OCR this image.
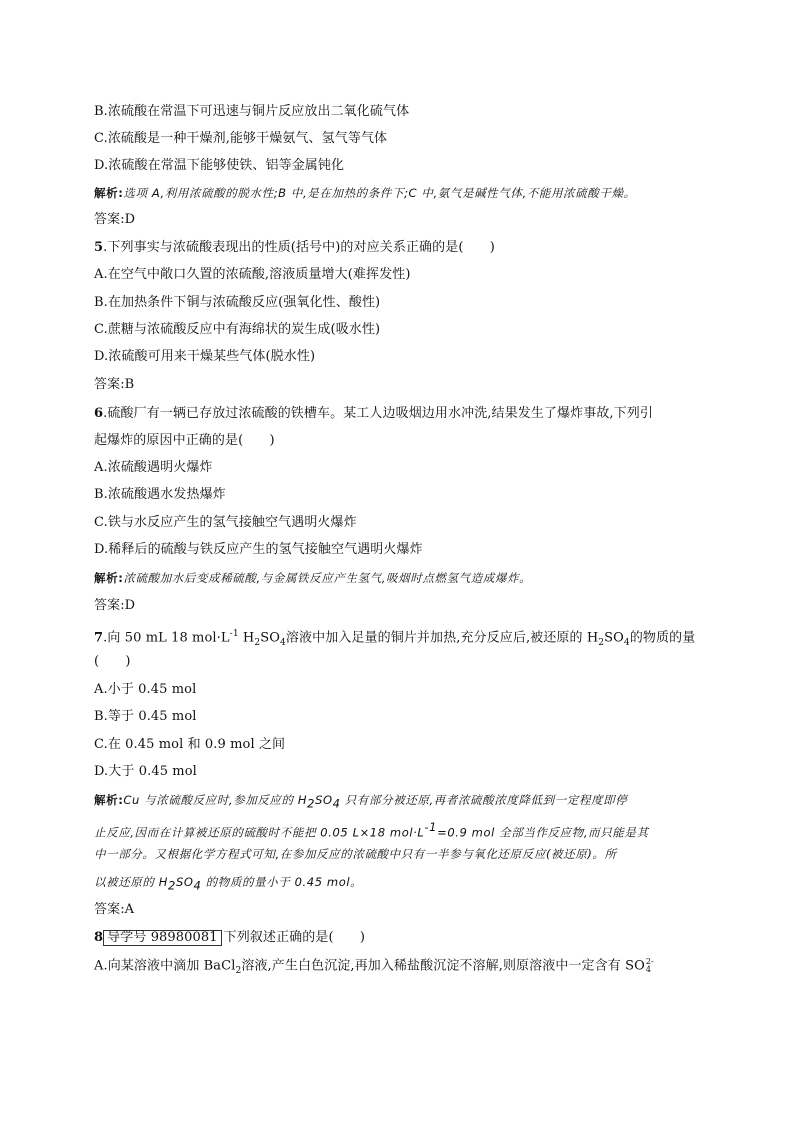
B.浓硫酸在常温下可迅速与铜片反应放出二氧化硫气体
C.浓硫酸是一种干燥剂,能够干燥氨气、氢气等气体
D.浓硫酸在常温下能够使铁、铝等金属钝化
解析:选项 A,利用浓硫酸的脱水性;B 中,是在加热的条件下;C 中,氨气是碱性气体,不能用浓硫酸干燥。
答案:D
5.下列事实与浓硫酸表现出的性质(括号中)的对应关系正确的是(　　)
A.在空气中敞口久置的浓硫酸,溶液质量增大(难挥发性)
B.在加热条件下铜与浓硫酸反应(强氧化性、酸性)
C.蔗糖与浓硫酸反应中有海绵状的炭生成(吸水性)
D.浓硫酸可用来干燥某些气体(脱水性)
答案:B
6.硫酸厂有一辆已存放过浓硫酸的铁槽车。某工人边吸烟边用水冲洗,结果发生了爆炸事故,下列引
起爆炸的原因中正确的是(　　)
A.浓硫酸遇明火爆炸
B.浓硫酸遇水发热爆炸
C.铁与水反应产生的氢气接触空气遇明火爆炸
D.稀释后的硫酸与铁反应产生的氢气接触空气遇明火爆炸
解析:浓硫酸加水后变成稀硫酸,与金属铁反应产生氢气,吸烟时点燃氢气造成爆炸。
答案:D
7.向 50 mL 18 $mol\cdot L^{-1}$ $H_2SO_4$溶液中加入足量的铜片并加热,充分反应后,被还原的 $H_2SO_4$的物质的量
(　　)
A.小于 0.45 mol
B.等于 0.45 mol
C.在 0.45 mol 和 0.9 mol 之间
D.大于 0.45 mol
解析:Cu 与浓硫酸反应时,参加反应的 $H_2SO_4$ 只有部分被还原,再者浓硫酸浓度降低到一定程度即停
止反应,因而在计算被还原的硫酸时不能把 0.05 L×18 $mol\cdot L^{-1}=0.9$ mol 全部当作反应物,而只能是其
中一部分。又根据化学方程式可知,在参加反应的浓硫酸中只有一半参与氧化还原反应(被还原)。所
以被还原的 $H_2SO_4$ 的物质的量小于 0.45 mol。
答案:A
8 导学号 98980081 下列叙述正确的是(　　)
A.向某溶液中滴加 BaCl$_2$溶液,产生白色沉淀,再加入稀盐酸沉淀不溶解,则原溶液中一定含有 SO 2-
4
